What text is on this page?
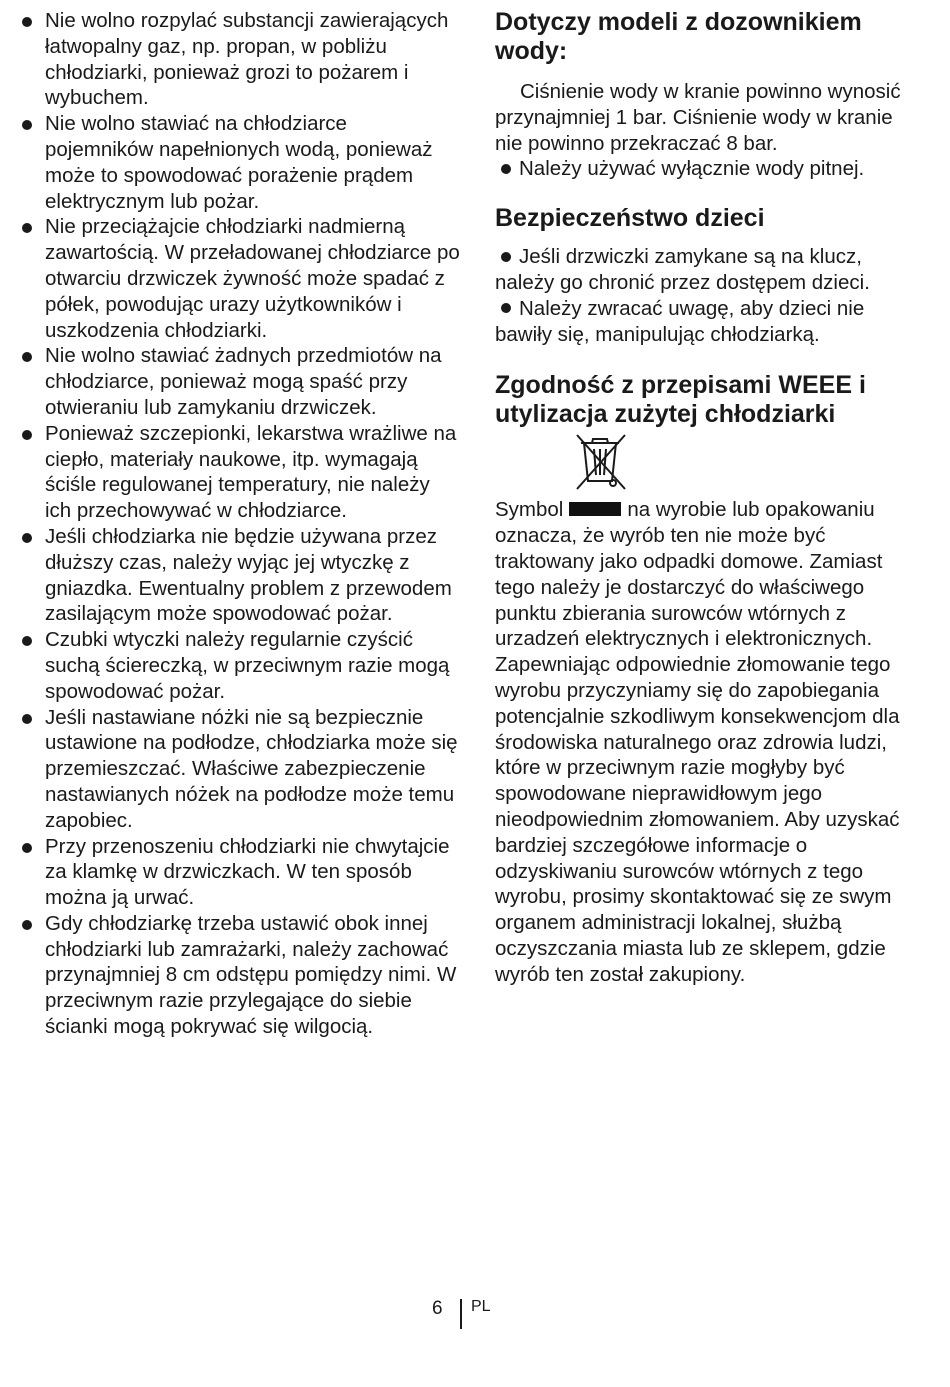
Nie wolno rozpylać substancji zawierających łatwopalny gaz, np. propan, w pobliżu chłodziarki, ponieważ grozi to pożarem i wybuchem.
Nie wolno stawiać na chłodziarce pojemników napełnionych wodą, ponieważ może to spowodować porażenie prądem elektrycznym lub pożar.
Nie przeciążajcie chłodziarki nadmierną zawartością. W przeładowanej chłodziarce po otwarciu drzwiczek żywność może spadać z półek, powodując urazy użytkowników i uszkodzenia chłodziarki.
Nie wolno stawiać żadnych przedmiotów na chłodziarce, ponieważ mogą spaść przy otwieraniu lub zamykaniu drzwiczek.
Ponieważ szczepionki, lekarstwa wrażliwe na ciepło, materiały naukowe, itp. wymagają ściśle regulowanej temperatury, nie należy ich przechowywać w chłodziarce.
Jeśli chłodziarka nie będzie używana przez dłuższy czas, należy wyjąc jej wtyczkę z gniazdka. Ewentualny problem z przewodem zasilającym może spowodować pożar.
Czubki wtyczki należy regularnie czyścić suchą ściereczką, w przeciwnym razie mogą spowodować pożar.
Jeśli nastawiane nóżki nie są bezpiecznie ustawione na podłodze, chłodziarka może się przemieszczać. Właściwe zabezpieczenie nastawianych nóżek na podłodze może temu zapobiec.
Przy przenoszeniu chłodziarki nie chwytajcie za klamkę w drzwiczkach. W ten sposób można ją urwać.
Gdy chłodziarkę trzeba ustawić obok innej chłodziarki lub zamrażarki, należy zachować przynajmniej 8 cm odstępu pomiędzy nimi. W przeciwnym razie przylegające do siebie ścianki mogą pokrywać się wilgocią.
Dotyczy modeli z dozownikiem wody:

Ciśnienie wody w kranie powinno wynosić przynajmniej 1 bar. Ciśnienie wody w kranie nie powinno przekraczać 8 bar.

Należy używać wyłącznie wody pitnej.

Bezpieczeństwo dzieci

Jeśli drzwiczki zamykane są na klucz, należy go chronić przez dostępem dzieci.

Należy zwracać uwagę, aby dzieci nie bawiły się, manipulując chłodziarką.

Zgodność z przepisami WEEE i utylizacja zużytej chłodziarki

Symbol	na wyrobie lub opakowaniu oznacza, że wyrób ten nie może być traktowany jako odpadki domowe. Zamiast tego należy je dostarczyć do właściwego punktu zbierania surowców wtórnych z urzadzeń elektrycznych i elektronicznych. Zapewniając odpowiednie złomowanie tego wyrobu przyczyniamy się do zapobiegania potencjalnie szkodliwym konsekwencjom dla środowiska naturalnego oraz zdrowia ludzi, które w przeciwnym razie mogłyby być spowodowane nieprawidłowym jego nieodpowiednim złomowaniem. Aby uzyskać bardziej szczegółowe informacje o odzyskiwaniu surowców wtórnych z tego wyrobu, prosimy skontaktować się ze swym organem administracji lokalnej, służbą oczyszczania miasta lub ze sklepem, gdzie wyrób ten został zakupiony.

6 PL
